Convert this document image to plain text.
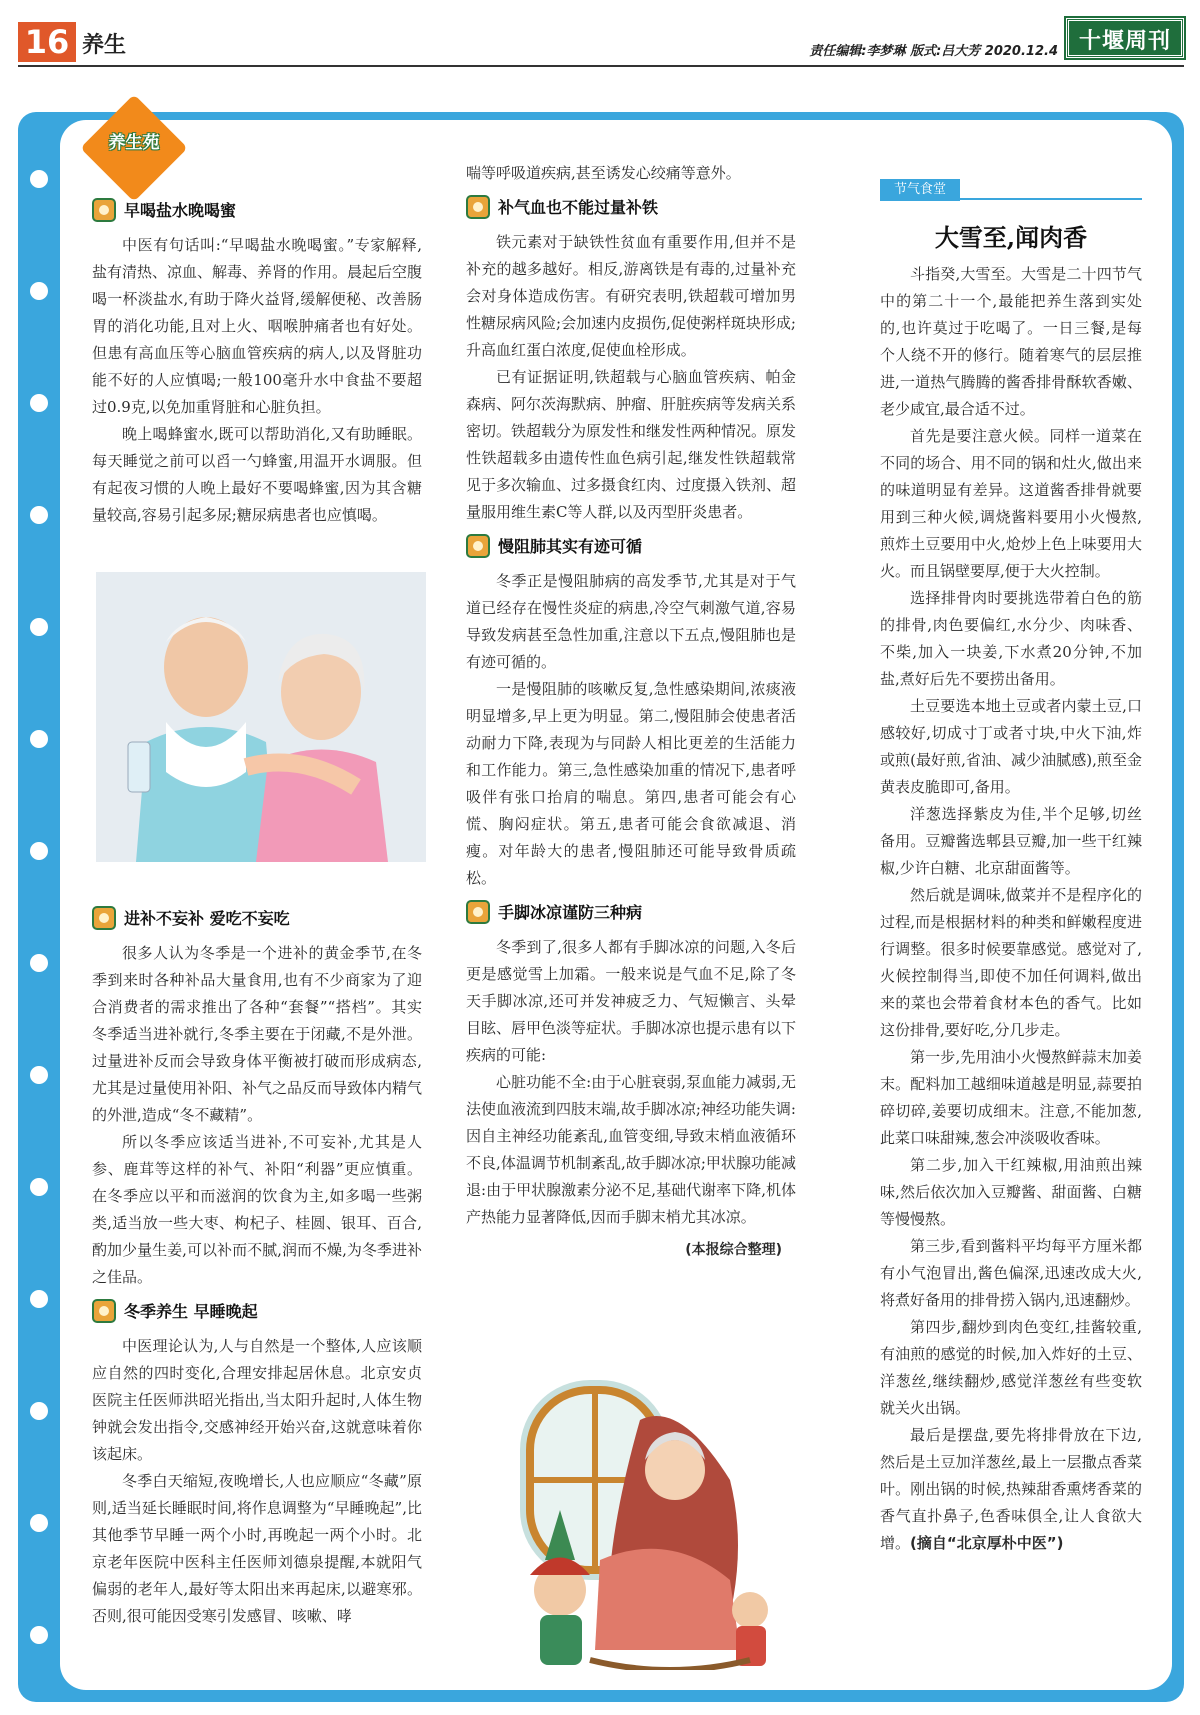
16 养生	责任编辑:李梦琳 版式:吕大芳 2020.12.4 十堰周刊
养生苑
早喝盐水晚喝蜜

中医有句话叫:“早喝盐水晚喝蜜。”专家解释,盐有清热、凉血、解毒、养肾的作用。晨起后空腹喝一杯淡盐水,有助于降火益肾,缓解便秘、改善肠胃的消化功能,且对上火、咽喉肿痛者也有好处。但患有高血压等心脑血管疾病的病人,以及肾脏功能不好的人应慎喝;一般100毫升水中食盐不要超过0.9克,以免加重肾脏和心脏负担。

晚上喝蜂蜜水,既可以帮助消化,又有助睡眠。每天睡觉之前可以舀一勺蜂蜜,用温开水调服。但有起夜习惯的人晚上最好不要喝蜂蜜,因为其含糖量较高,容易引起多尿;糖尿病患者也应慎喝。

进补不妄补 爱吃不妄吃

很多人认为冬季是一个进补的黄金季节,在冬季到来时各种补品大量食用,也有不少商家为了迎合消费者的需求推出了各种“套餐”“搭档”。其实冬季适当进补就行,冬季主要在于闭藏,不是外泄。过量进补反而会导致身体平衡被打破而形成病态,尤其是过量使用补阳、补气之品反而导致体内精气的外泄,造成“冬不藏精”。

所以冬季应该适当进补,不可妄补,尤其是人参、鹿茸等这样的补气、补阳“利器”更应慎重。在冬季应以平和而滋润的饮食为主,如多喝一些粥类,适当放一些大枣、枸杞子、桂圆、银耳、百合,酌加少量生姜,可以补而不腻,润而不燥,为冬季进补之佳品。

冬季养生 早睡晚起

中医理论认为,人与自然是一个整体,人应该顺应自然的四时变化,合理安排起居休息。北京安贞医院主任医师洪昭光指出,当太阳升起时,人体生物钟就会发出指令,交感神经开始兴奋,这就意味着你该起床。

冬季白天缩短,夜晚增长,人也应顺应“冬藏”原则,适当延长睡眠时间,将作息调整为“早睡晚起”,比其他季节早睡一两个小时,再晚起一两个小时。北京老年医院中医科主任医师刘德泉提醒,本就阳气偏弱的老年人,最好等太阳出来再起床,以避寒邪。否则,很可能因受寒引发感冒、咳嗽、哮

喘等呼吸道疾病,甚至诱发心绞痛等意外。

补气血也不能过量补铁

铁元素对于缺铁性贫血有重要作用,但并不是补充的越多越好。相反,游离铁是有毒的,过量补充会对身体造成伤害。有研究表明,铁超载可增加男性糖尿病风险;会加速内皮损伤,促使粥样斑块形成;升高血红蛋白浓度,促使血栓形成。

已有证据证明,铁超载与心脑血管疾病、帕金森病、阿尔茨海默病、肿瘤、肝脏疾病等发病关系密切。铁超载分为原发性和继发性两种情况。原发性铁超载多由遗传性血色病引起,继发性铁超载常见于多次输血、过多摄食红肉、过度摄入铁剂、超量服用维生素C等人群,以及丙型肝炎患者。

慢阻肺其实有迹可循

冬季正是慢阻肺病的高发季节,尤其是对于气道已经存在慢性炎症的病患,冷空气刺激气道,容易导致发病甚至急性加重,注意以下五点,慢阻肺也是有迹可循的。

一是慢阻肺的咳嗽反复,急性感染期间,浓痰液明显增多,早上更为明显。第二,慢阻肺会使患者活动耐力下降,表现为与同龄人相比更差的生活能力和工作能力。第三,急性感染加重的情况下,患者呼吸伴有张口抬肩的喘息。第四,患者可能会有心慌、胸闷症状。第五,患者可能会食欲减退、消瘦。对年龄大的患者,慢阻肺还可能导致骨质疏松。

手脚冰凉谨防三种病

冬季到了,很多人都有手脚冰凉的问题,入冬后更是感觉雪上加霜。一般来说是气血不足,除了冬天手脚冰凉,还可并发神疲乏力、气短懒言、头晕目眩、唇甲色淡等症状。手脚冰凉也提示患有以下疾病的可能:

心脏功能不全:由于心脏衰弱,泵血能力减弱,无法使血液流到四肢末端,故手脚冰凉;神经功能失调:因自主神经功能紊乱,血管变细,导致末梢血液循环不良,体温调节机制紊乱,故手脚冰凉;甲状腺功能减退:由于甲状腺激素分泌不足,基础代谢率下降,机体产热能力显著降低,因而手脚末梢尤其冰凉。

(本报综合整理)
节气食堂
大雪至,闻肉香

斗指癸,大雪至。大雪是二十四节气中的第二十一个,最能把养生落到实处的,也许莫过于吃喝了。一日三餐,是每个人绕不开的修行。随着寒气的层层推进,一道热气腾腾的酱香排骨酥软香嫩、老少咸宜,最合适不过。

首先是要注意火候。同样一道菜在不同的场合、用不同的锅和灶火,做出来的味道明显有差异。这道酱香排骨就要用到三种火候,调烧酱料要用小火慢熬,煎炸土豆要用中火,炝炒上色上味要用大火。而且锅壁要厚,便于大火控制。

选择排骨肉时要挑选带着白色的筋的排骨,肉色要偏红,水分少、肉味香、不柴,加入一块姜,下水煮20分钟,不加盐,煮好后先不要捞出备用。

土豆要选本地土豆或者内蒙土豆,口感较好,切成寸丁或者寸块,中火下油,炸或煎(最好煎,省油、减少油腻感),煎至金黄表皮脆即可,备用。

洋葱选择紫皮为佳,半个足够,切丝备用。豆瓣酱选郫县豆瓣,加一些干红辣椒,少许白糖、北京甜面酱等。

然后就是调味,做菜并不是程序化的过程,而是根据材料的种类和鲜嫩程度进行调整。很多时候要靠感觉。感觉对了,火候控制得当,即使不加任何调料,做出来的菜也会带着食材本色的香气。比如这份排骨,要好吃,分几步走。

第一步,先用油小火慢熬鲜蒜末加姜末。配料加工越细味道越是明显,蒜要拍碎切碎,姜要切成细末。注意,不能加葱,此菜口味甜辣,葱会冲淡吸收香味。

第二步,加入干红辣椒,用油煎出辣味,然后依次加入豆瓣酱、甜面酱、白糖等慢慢熬。

第三步,看到酱料平均每平方厘米都有小气泡冒出,酱色偏深,迅速改成大火,将煮好备用的排骨捞入锅内,迅速翻炒。

第四步,翻炒到肉色变红,挂酱较重,有油煎的感觉的时候,加入炸好的土豆、洋葱丝,继续翻炒,感觉洋葱丝有些变软就关火出锅。

最后是摆盘,要先将排骨放在下边,然后是土豆加洋葱丝,最上一层撒点香菜叶。刚出锅的时候,热辣甜香熏烤香菜的香气直扑鼻子,色香味俱全,让人食欲大增。(摘自“北京厚朴中医”)
